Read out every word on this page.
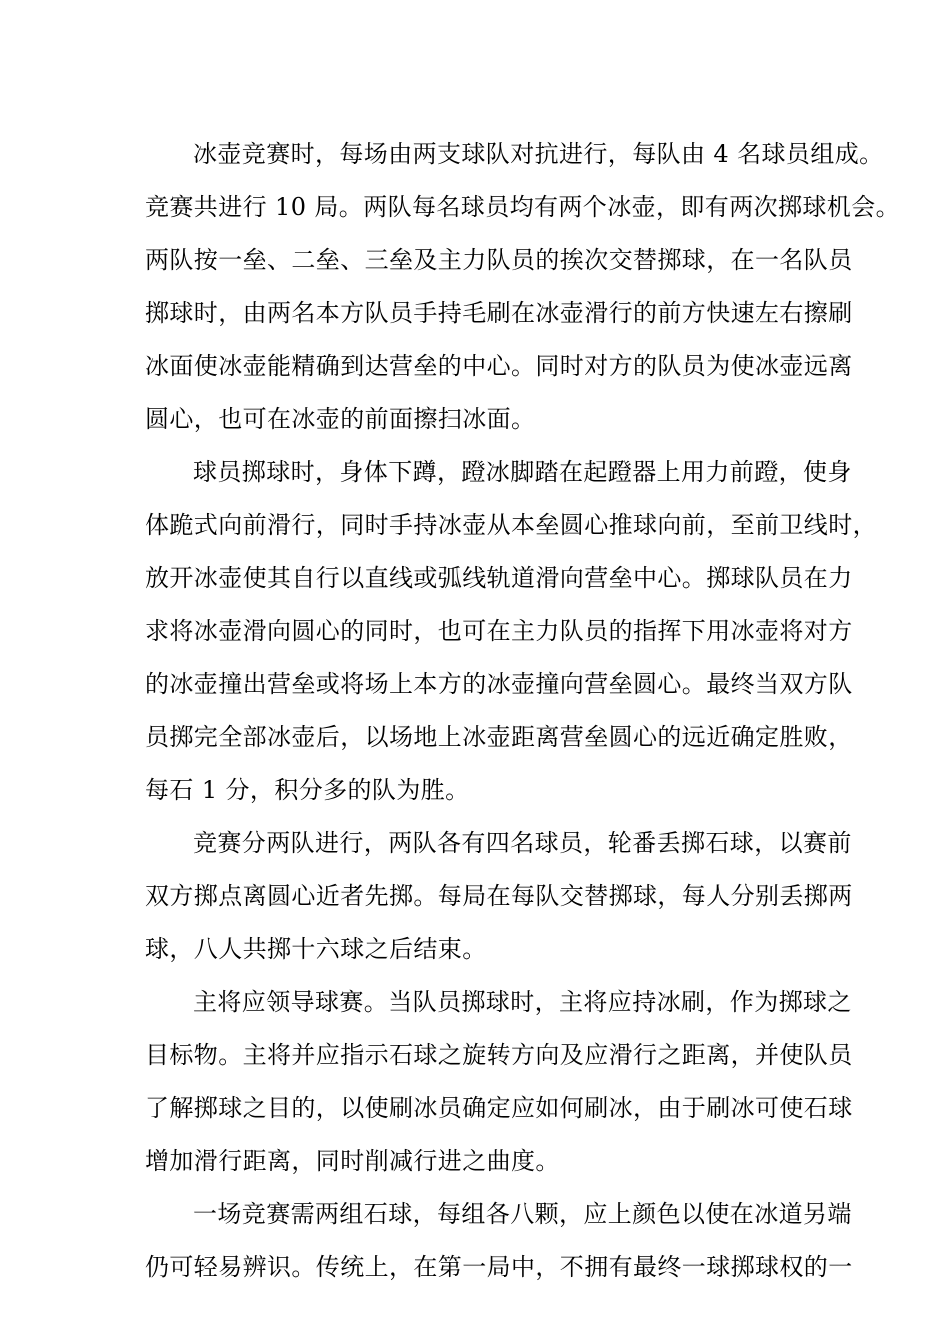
冰壶竞赛时，每场由两支球队对抗进行，每队由 4 名球员组成。
竞赛共进行 10 局。两队每名球员均有两个冰壶，即有两次掷球机会。
两队按一垒、二垒、三垒及主力队员的挨次交替掷球，在一名队员
掷球时，由两名本方队员手持毛刷在冰壶滑行的前方快速左右擦刷
冰面使冰壶能精确到达营垒的中心。同时对方的队员为使冰壶远离
圆心，也可在冰壶的前面擦扫冰面。
球员掷球时，身体下蹲，蹬冰脚踏在起蹬器上用力前蹬，使身
体跪式向前滑行，同时手持冰壶从本垒圆心推球向前，至前卫线时，
放开冰壶使其自行以直线或弧线轨道滑向营垒中心。掷球队员在力
求将冰壶滑向圆心的同时，也可在主力队员的指挥下用冰壶将对方
的冰壶撞出营垒或将场上本方的冰壶撞向营垒圆心。最终当双方队
员掷完全部冰壶后，以场地上冰壶距离营垒圆心的远近确定胜败，
每石 1 分，积分多的队为胜。
竞赛分两队进行，两队各有四名球员，轮番丢掷石球，以赛前
双方掷点离圆心近者先掷。每局在每队交替掷球，每人分别丢掷两
球，八人共掷十六球之后结束。
主将应领导球赛。当队员掷球时，主将应持冰刷，作为掷球之
目标物。主将并应指示石球之旋转方向及应滑行之距离，并使队员
了解掷球之目的，以使刷冰员确定应如何刷冰，由于刷冰可使石球
增加滑行距离，同时削减行进之曲度。
一场竞赛需两组石球，每组各八颗，应上颜色以使在冰道另端
仍可轻易辨识。传统上，在第一局中，不拥有最终一球掷球权的一
